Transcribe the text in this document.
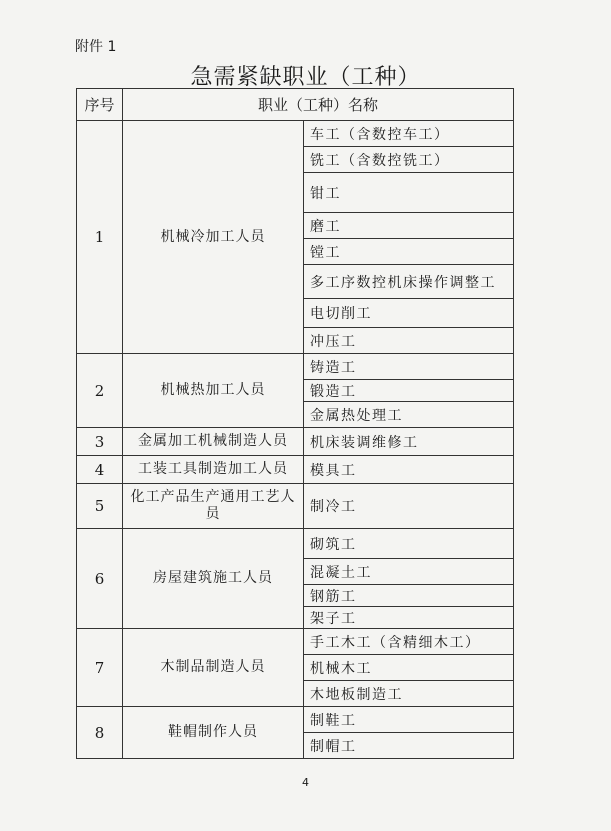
附件 1
急需紧缺职业（工种）
序号	职业（工种）名称	
1	机械冷加工人员	车工（含数控车工）
		铣工（含数控铣工）
		钳工
		磨工
		镗工
		多工序数控机床操作调整工
		电切削工
		冲压工
2	机械热加工人员	铸造工
		锻造工
		金属热处理工
3	金属加工机械制造人员	机床装调维修工
4	工装工具制造加工人员	模具工
5	化工产品生产通用工艺人员	制冷工
6	房屋建筑施工人员	砌筑工
		混凝土工
		钢筋工
		架子工
7	木制品制造人员	手工木工（含精细木工）
		机械木工
		木地板制造工
8	鞋帽制作人员	制鞋工
		制帽工
4
